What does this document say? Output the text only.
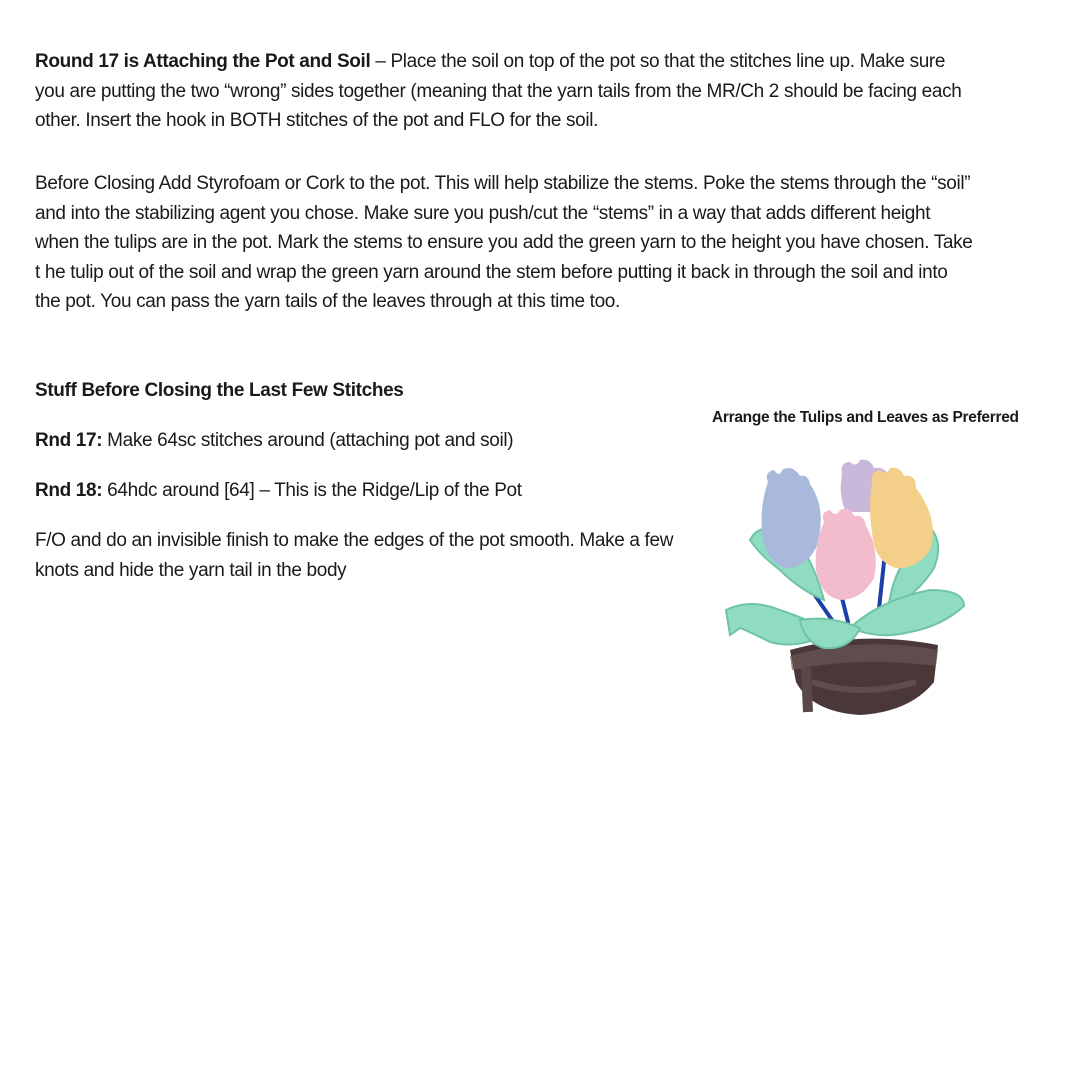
Round 17 is Attaching the Pot and Soil – Place the soil on top of the pot so that the stitches line up. Make sure you are putting the two “wrong” sides together (meaning that the yarn tails from the MR/Ch 2 should be facing each other. Insert the hook in BOTH stitches of the pot and FLO for the soil.

Before Closing Add Styrofoam or Cork to the pot. This will help stabilize the stems. Poke the stems through the “soil” and into the stabilizing agent you chose. Make sure you push/cut the “stems” in a way that adds different height when the tulips are in the pot. Mark the stems to ensure you add the green yarn to the height you have chosen. Take t he tulip out of the soil and wrap the green yarn around the stem before putting it back in through the soil and into the pot. You can pass the yarn tails of the leaves through at this time too.

Stuff Before Closing the Last Few Stitches

Rnd 17: Make 64sc stitches around (attaching pot and soil)

Rnd 18: 64hdc around [64] – This is the Ridge/Lip of the Pot

F/O and do an invisible finish to make the edges of the pot smooth. Make a few knots and hide the yarn tail in the body

Arrange the Tulips and Leaves as Preferred
